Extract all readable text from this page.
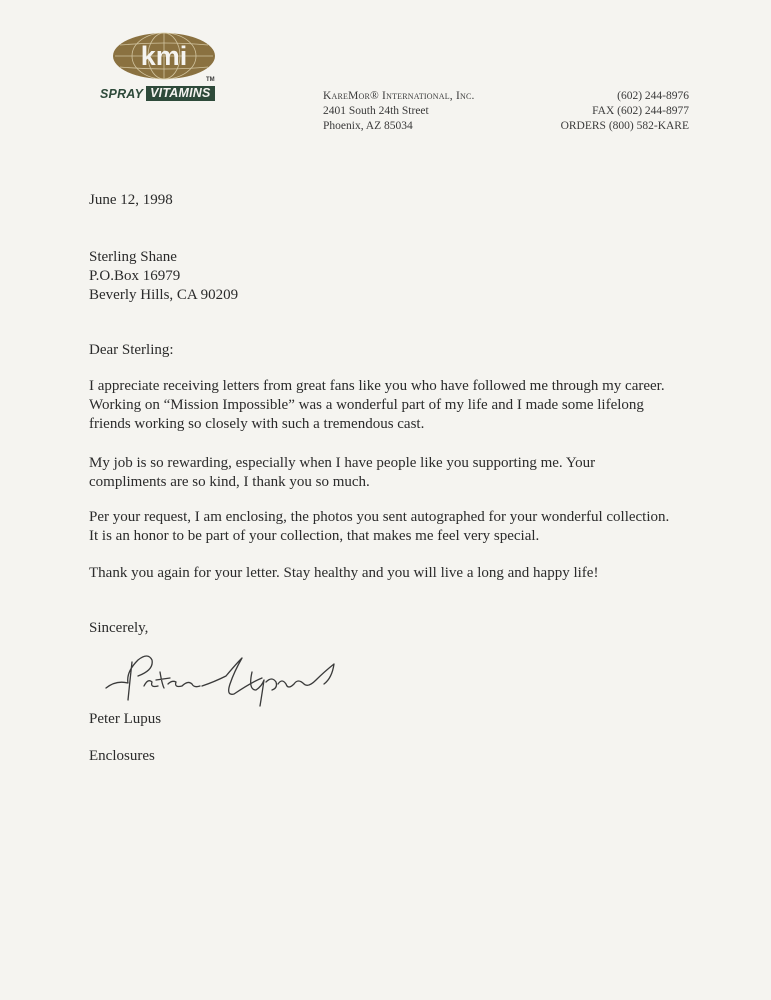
kmi
TM
SPRAY VITAMINS	KareMor® International, Inc.
2401 South 24th Street
Phoenix, AZ 85034
(602) 244-8976
FAX (602) 244-8977
ORDERS (800) 582-KARE
June 12, 1998
Sterling Shane
P.O.Box 16979
Beverly Hills, CA 90209
Dear Sterling:
I appreciate receiving letters from great fans like you who have followed me through my career.
Working on “Mission Impossible” was a wonderful part of my life and I made some lifelong
friends working so closely with such a tremendous cast.
My job is so rewarding, especially when I have people like you supporting me. Your
compliments are so kind, I thank you so much.
Per your request, I am enclosing, the photos you sent autographed for your wonderful collection.
It is an honor to be part of your collection, that makes me feel very special.
Thank you again for your letter. Stay healthy and you will live a long and happy life!
Sincerely,
Peter Lupus
Enclosures
